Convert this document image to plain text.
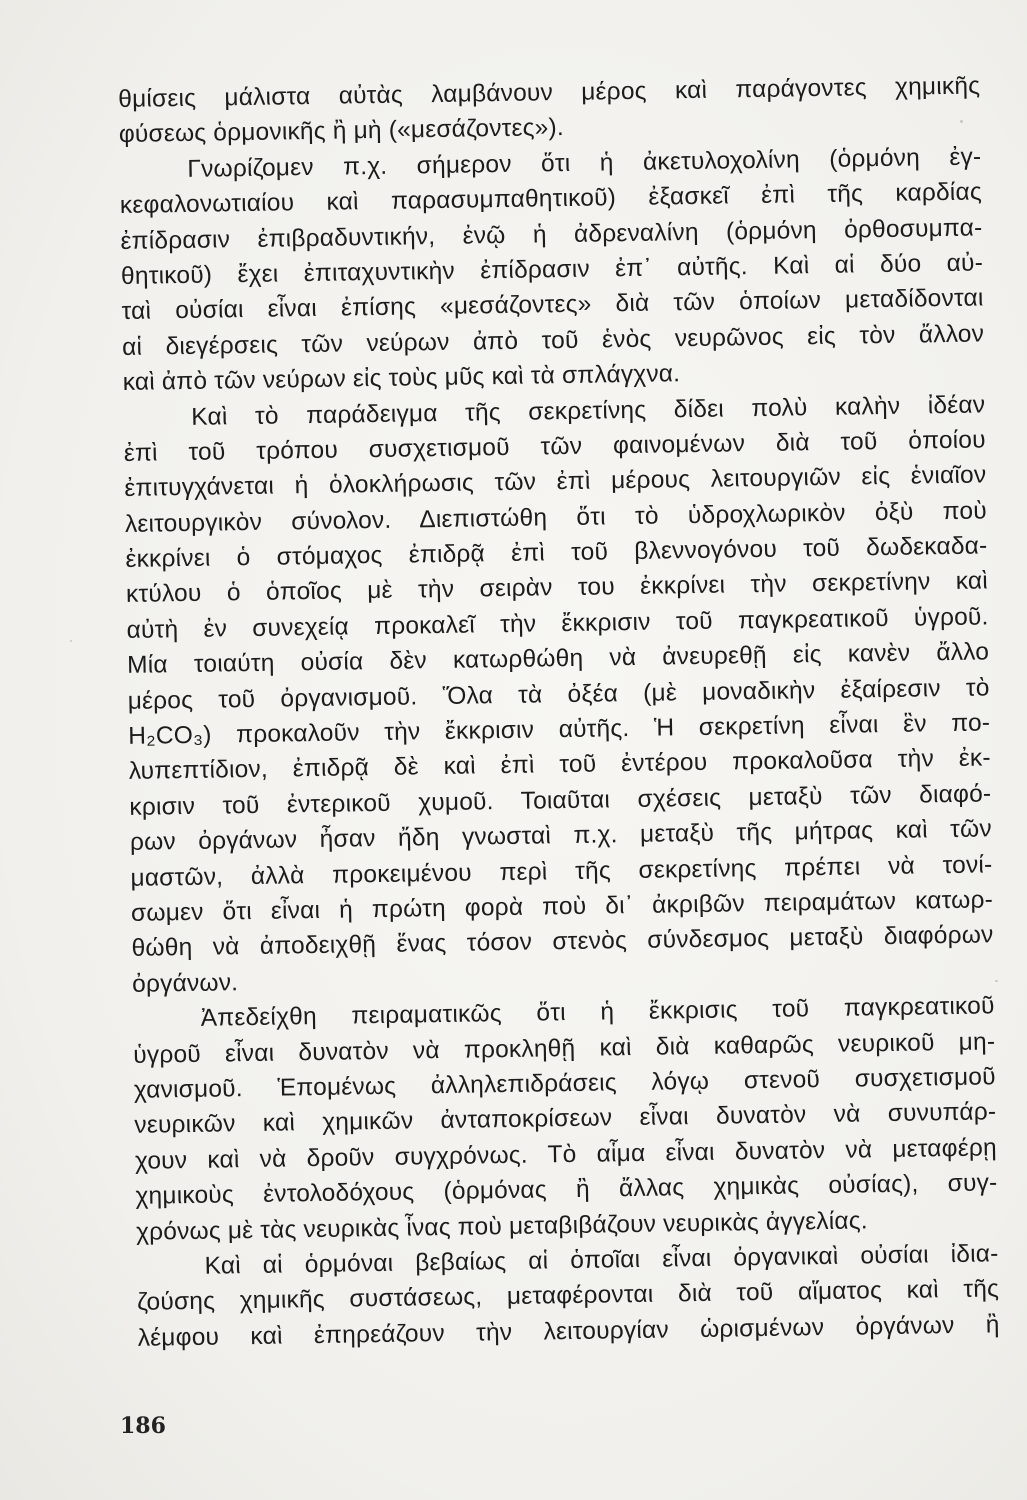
θμίσεις μάλιστα αὐτὰς λαμβάνουν μέρος καὶ παράγοντες χημικῆς
φύσεως ὁρμονικῆς ἢ μὴ («μεσάζοντες»).
Γνωρίζομεν π.χ. σήμερον ὅτι ἡ ἀκετυλοχολίνη (ὁρμόνη ἐγ-
κεφαλονωτιαίου καὶ παρασυμπαθητικοῦ) ἐξασκεῖ ἐπὶ τῆς καρδίας
ἐπίδρασιν ἐπιβραδυντικήν, ἐνῷ ἡ ἀδρεναλίνη (ὁρμόνη ὀρθοσυμπα-
θητικοῦ) ἔχει ἐπιταχυντικὴν ἐπίδρασιν ἐπ᾽ αὐτῆς. Καὶ αἱ δύο αὐ-
ταὶ οὐσίαι εἶναι ἐπίσης «μεσάζοντες» διὰ τῶν ὁποίων μεταδίδονται
αἱ διεγέρσεις τῶν νεύρων ἀπὸ τοῦ ἑνὸς νευρῶνος εἰς τὸν ἄλλον
καὶ ἀπὸ τῶν νεύρων εἰς τοὺς μῦς καὶ τὰ σπλάγχνα.
Καὶ τὸ παράδειγμα τῆς σεκρετίνης δίδει πολὺ καλὴν ἰδέαν
ἐπὶ τοῦ τρόπου συσχετισμοῦ τῶν φαινομένων διὰ τοῦ ὁποίου
ἐπιτυγχάνεται ἡ ὁλοκλήρωσις τῶν ἐπὶ μέρους λειτουργιῶν εἰς ἑνιαῖον
λειτουργικὸν σύνολον. Διεπιστώθη ὅτι τὸ ὑδροχλωρικὸν ὀξὺ ποὺ
ἐκκρίνει ὁ στόμαχος ἐπιδρᾷ ἐπὶ τοῦ βλεννογόνου τοῦ δωδεκαδα-
κτύλου ὁ ὁποῖος μὲ τὴν σειρὰν του ἐκκρίνει τὴν σεκρετίνην καὶ
αὐτὴ ἐν συνεχείᾳ προκαλεῖ τὴν ἔκκρισιν τοῦ παγκρεατικοῦ ὑγροῦ.
Μία τοιαύτη οὐσία δὲν κατωρθώθη νὰ ἀνευρεθῇ εἰς κανὲν ἄλλο
μέρος τοῦ ὀργανισμοῦ. Ὅλα τὰ ὀξέα (μὲ μοναδικὴν ἐξαίρεσιν τὸ
H₂CO₃) προκαλοῦν τὴν ἔκκρισιν αὐτῆς. Ἡ σεκρετίνη εἶναι ἓν πο-
λυπεπτίδιον, ἐπιδρᾷ δὲ καὶ ἐπὶ τοῦ ἐντέρου προκαλοῦσα τὴν ἐκ-
κρισιν τοῦ ἐντερικοῦ χυμοῦ. Τοιαῦται σχέσεις μεταξὺ τῶν διαφό-
ρων ὀργάνων ἦσαν ἤδη γνωσταὶ π.χ. μεταξὺ τῆς μήτρας καὶ τῶν
μαστῶν, ἀλλὰ προκειμένου περὶ τῆς σεκρετίνης πρέπει νὰ τονί-
σωμεν ὅτι εἶναι ἡ πρώτη φορὰ ποὺ δι᾽ ἀκριβῶν πειραμάτων κατωρ-
θώθη νὰ ἀποδειχθῇ ἕνας τόσον στενὸς σύνδεσμος μεταξὺ διαφόρων
ὀργάνων.
Ἀπεδείχθη πειραματικῶς ὅτι ἡ ἔκκρισις τοῦ παγκρεατικοῦ
ὑγροῦ εἶναι δυνατὸν νὰ προκληθῇ καὶ διὰ καθαρῶς νευρικοῦ μη-
χανισμοῦ. Ἑπομένως ἀλληλεπιδράσεις λόγῳ στενοῦ συσχετισμοῦ
νευρικῶν καὶ χημικῶν ἀνταποκρίσεων εἶναι δυνατὸν νὰ συνυπάρ-
χουν καὶ νὰ δροῦν συγχρόνως. Τὸ αἷμα εἶναι δυνατὸν νὰ μεταφέρῃ
χημικοὺς ἐντολοδόχους (ὁρμόνας ἢ ἄλλας χημικὰς οὐσίας), συγ-
χρόνως μὲ τὰς νευρικὰς ἶνας ποὺ μεταβιβάζουν νευρικὰς ἀγγελίας.
Καὶ αἱ ὁρμόναι βεβαίως αἱ ὁποῖαι εἶναι ὀργανικαὶ οὐσίαι ἰδια-
ζούσης χημικῆς συστάσεως, μεταφέρονται διὰ τοῦ αἵματος καὶ τῆς
λέμφου καὶ ἐπηρεάζουν τὴν λειτουργίαν ὡρισμένων ὀργάνων ἢ
186
